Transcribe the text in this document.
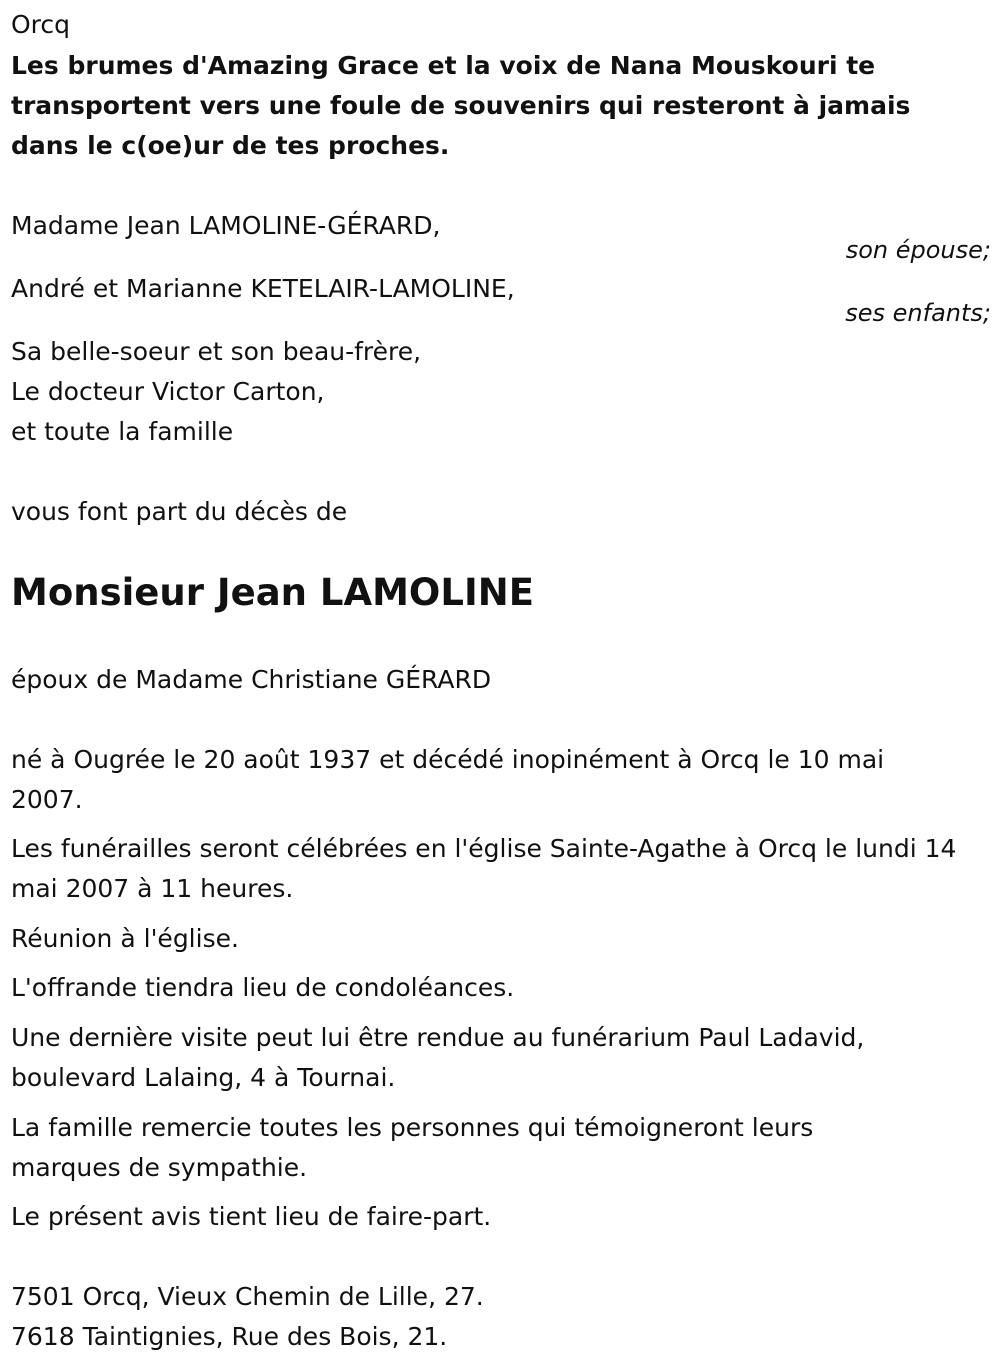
Orcq
Les brumes d'Amazing Grace et la voix de Nana Mouskouri te transportent vers une foule de souvenirs qui resteront à jamais dans le c(oe)ur de tes proches.
Madame Jean LAMOLINE-GÉRARD,
son épouse;
André et Marianne KETELAIR-LAMOLINE,
ses enfants;
Sa belle-soeur et son beau-frère,
Le docteur Victor Carton,
et toute la famille
vous font part du décès de
Monsieur Jean LAMOLINE
époux de Madame Christiane GÉRARD
né à Ougrée le 20 août 1937 et décédé inopinément à Orcq le 10 mai 2007.
Les funérailles seront célébrées en l'église Sainte-Agathe à Orcq le lundi 14 mai 2007 à 11 heures.
Réunion à l'église.
L'offrande tiendra lieu de condoléances.
Une dernière visite peut lui être rendue au funérarium Paul Ladavid, boulevard Lalaing, 4 à Tournai.
La famille remercie toutes les personnes qui témoigneront leurs marques de sympathie.
Le présent avis tient lieu de faire-part.
7501 Orcq, Vieux Chemin de Lille, 27.
7618 Taintignies, Rue des Bois, 21.
